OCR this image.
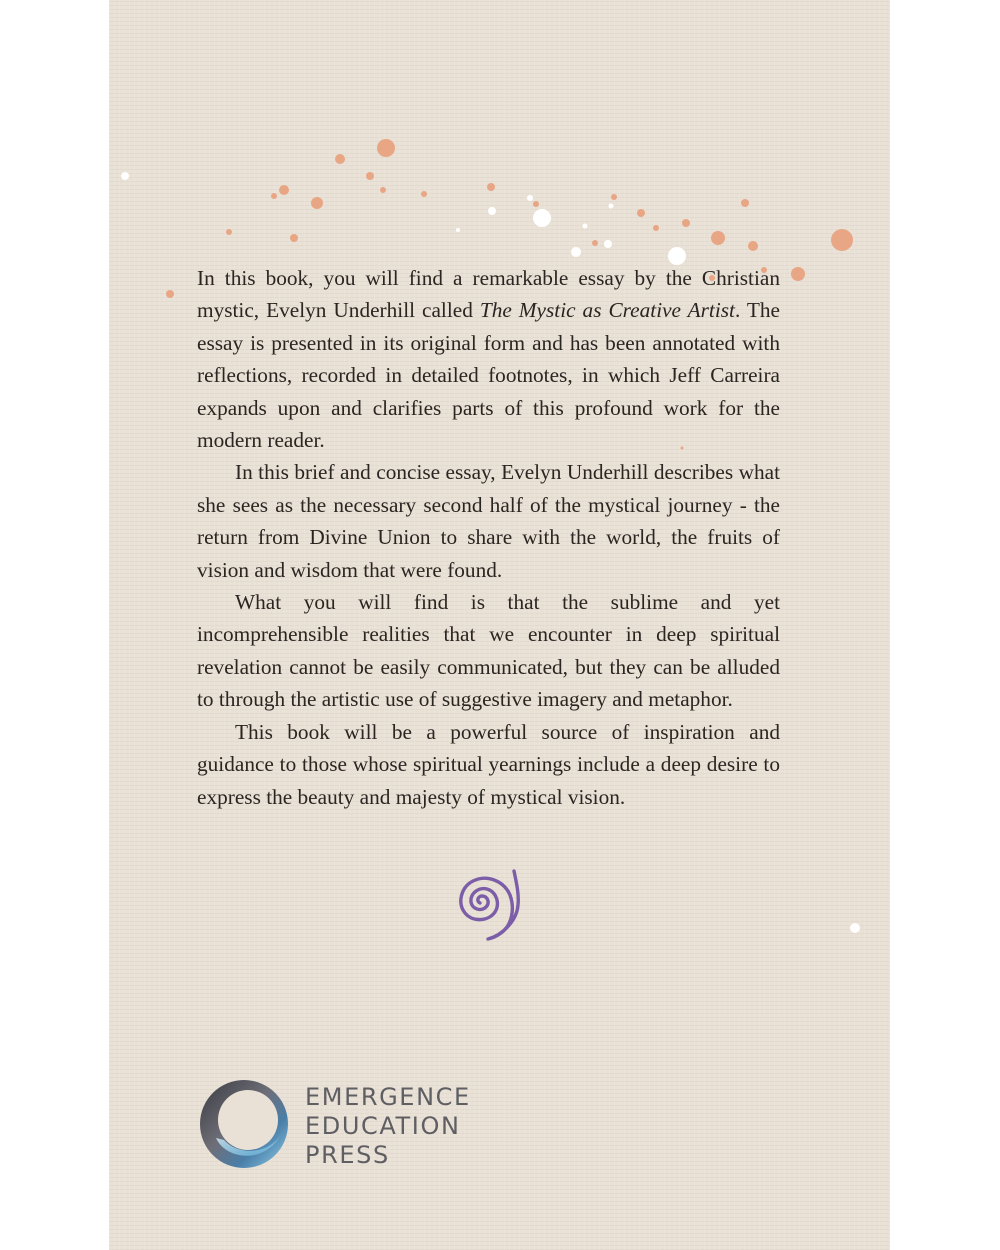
In this book, you will find a remarkable essay by the Christian mystic, Evelyn Underhill called The Mystic as Creative Artist. The essay is presented in its original form and has been annotated with reflections, recorded in detailed footnotes, in which Jeff Carreira expands upon and clarifies parts of this profound work for the modern reader.

In this brief and concise essay, Evelyn Underhill describes what she sees as the necessary second half of the mystical journey - the return from Divine Union to share with the world, the fruits of vision and wisdom that were found.

What you will find is that the sublime and yet incomprehensible realities that we encounter in deep spiritual revelation cannot be easily communicated, but they can be alluded to through the artistic use of suggestive imagery and metaphor.

This book will be a powerful source of inspiration and guidance to those whose spiritual yearnings include a deep desire to express the beauty and majesty of mystical vision.

EMERGENCE
EDUCATION
PRESS
